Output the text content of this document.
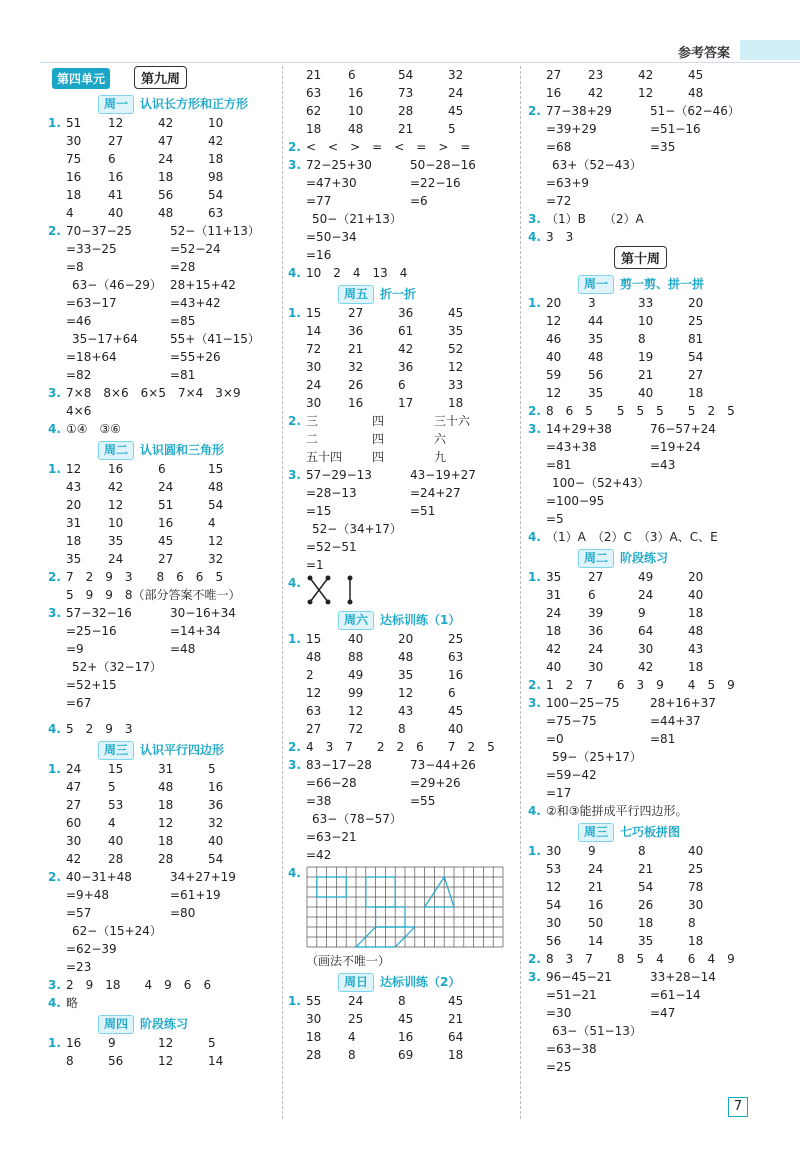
参考答案
第四单元	第九周
周一 认识长方形和正方形
1. 51 12	42	10
30 27	47	42
75 6	24	18
16 16	18	98
18 41	56	54
4	40	48	63
2. 70−37−25	52−（11+13）
=33−25	=52−24
=8	=28
63−（46−29） 28+15+42
=63−17	=43+42
=46	=85
35−17+64	55+（41−15）
=18+64	=55+26
=82	=81
3. 7×8　8×6　6×5　7×4　3×9
4×6
4. ①④　③⑥
周二 认识圆和三角形
1. 12 16	6	15
43 42	24	48
20 12	51	54
31 10	16	4
18 35	45	12
35 24	27	32
2. 7　2　9　3　　8　6　6　5
5　9　9　8（部分答案不唯一）
3. 57−32−16	30−16+34
=25−16	=14+34
=9	=48
52+（32−17）
=52+15
=67
4. 5　2　9　3
周三 认识平行四边形
1. 24 15	31	5
47 5	48	16
27 53	18	36
60 4	12	32
30 40	18	40
42 28	28	54
2. 40−31+48	34+27+19
=9+48	=61+19
=57	=80
62−（15+24）
=62−39
=23
3. 2　9　18　　4　9　6　6
4. 略
周四 阶段练习
1. 16 9	12	5
8	56	12	14
21 6	54	32
63 16	73	24
62 10	28	45
18 48	21	5
2. <　<　>　=　<　=　>　=
3. 72−25+30	50−28−16
=47+30	=22−16
=77	=6
50−（21+13）
=50−34
=16
4. 10　2　4　13　4
周五 折一折
1. 15 27	36	45
14 36	61	35
72 21	42	52
30 32	36	12
24 26	6	33
30 16	17	18
2. 三	四	三十六
二	四	六
五十四 四	九
3. 57−29−13	43−19+27
=28−13	=24+27
=15	=51
52−（34+17）
=52−51
=1
4.
周六 达标训练（1）
1. 15 40	20	25
48 88	48	63
2	49	35	16
12 99	12	6
63 12	43	45
27 72	8	40
2. 4　3　7　　2　2　6　　7　2　5
3. 83−17−28	73−44+26
=66−28	=29+26
=38	=55
63−（78−57）
=63−21
=42
4.
（画法不唯一）
周日 达标训练（2）
1. 55 24	8	45
30 25	45	21
18 4	16	64
28 8	69	18
27 23	42	45
16 42	12	48
2. 77−38+29	51−（62−46）
=39+29	=51−16
=68	=35
63+（52−43）
=63+9
=72
3. （1）B　　（2）A
4. 3　3
第十周
周一 剪一剪、拼一拼
1. 20 3	33	20
12 44	10	25
46 35	8	81
40 48	19	54
59 56	21	27
12 35	40	18
2. 8　6　5　　5　5　5　　5　2　5
3. 14+29+38	76−57+24
=43+38	=19+24
=81	=43
100−（52+43）
=100−95
=5
4. （1）A　（2）C　（3）A、C、E
周二 阶段练习
1. 35 27	49	20
31 6	24	40
24 39	9	18
18 36	64	48
42 24	30	43
40 30	42	18
2. 1　2　7　　6　3　9　　4　5　9
3. 100−25−75	28+16+37
=75−75	=44+37
=0	=81
59−（25+17）
=59−42
=17
4. ②和③能拼成平行四边形。
周三 七巧板拼图
1. 30 9	8	40
53 24	21	25
12 21	54	78
54 16	26	30
30 50	18	8
56 14	35	18
2. 8　3　7　　8　5　4　　6　4　9
3. 96−45−21	33+28−14
=51−21	=61−14
=30	=47
63−（51−13）
=63−38
=25
7
